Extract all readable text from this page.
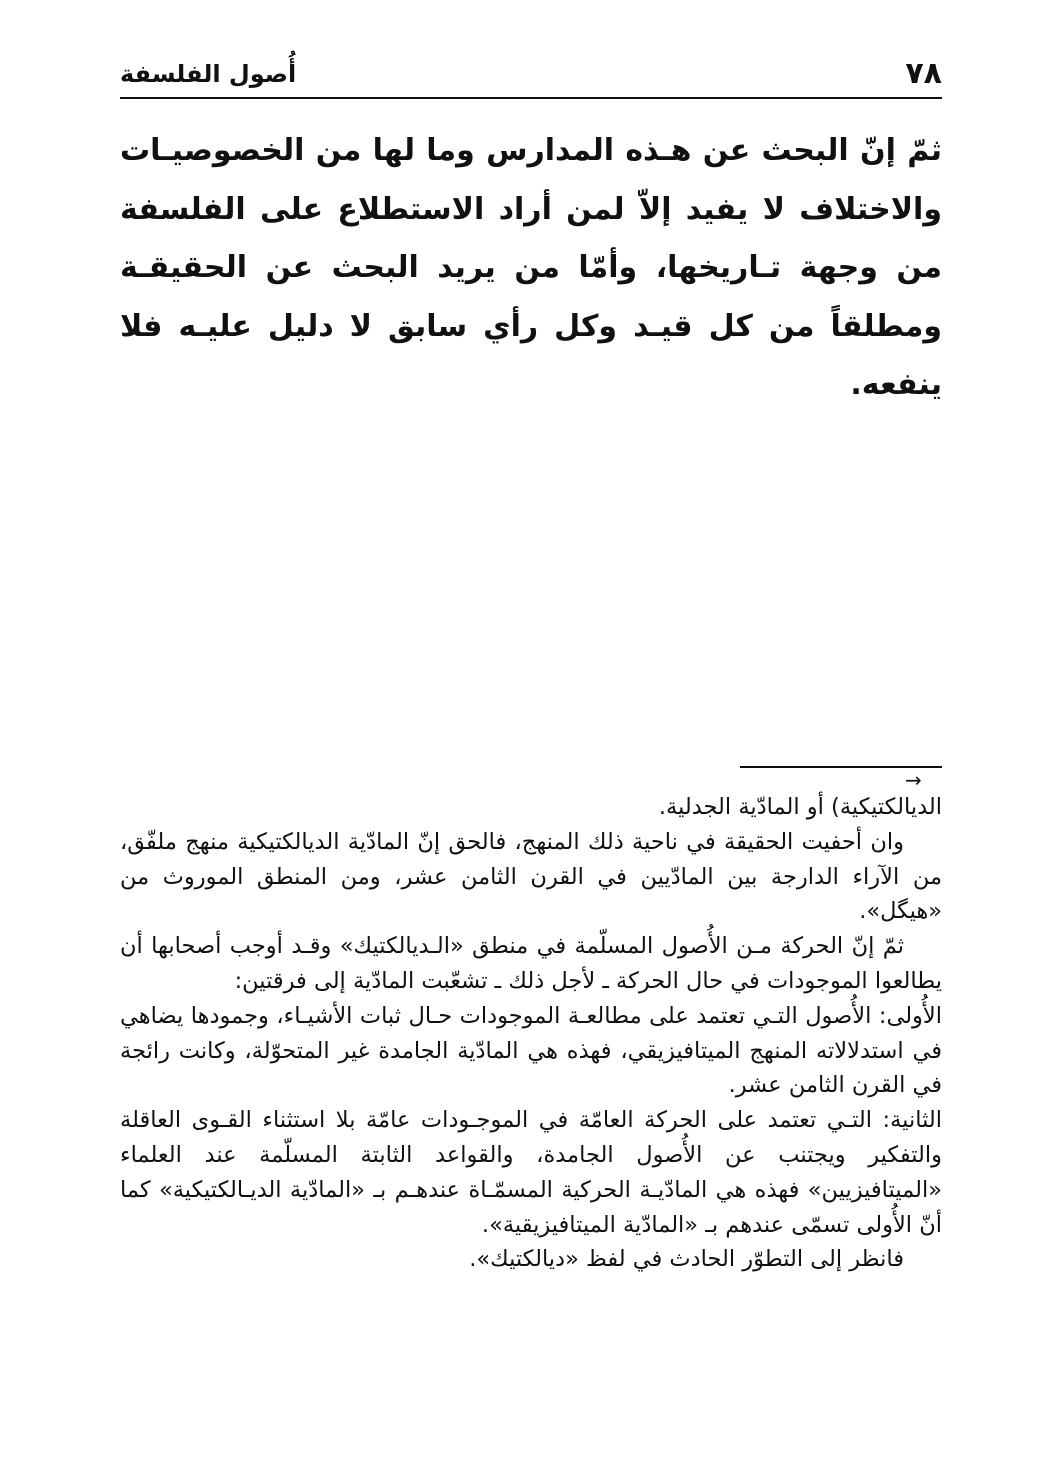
٧٨
أُصول الفلسفة
ثمّ إنّ البحث عن هـذه المدارس وما لها من الخصوصيـات والاختلاف لا يفيد إلاّ لمن أراد الاستطلاع على الفلسفة من وجهة تـاريخها، وأمّا من يريد البحث عن الحقيقـة ومطلقاً من كل قيـد وكل رأي سابق لا دليل عليـه فلا ينفعه.
→

الديالكتيكية) أو المادّية الجدلية.

وان أحفيت الحقيقة في ناحية ذلك المنهج، فالحق إنّ المادّية الديالكتيكية منهج ملفّق، من الآراء الدارجة بين المادّيين في القرن الثامن عشر، ومن المنطق الموروث من «هيگل».

ثمّ إنّ الحركة مـن الأُصول المسلّمة في منطق «الـديالكتيك» وقـد أوجب أصحابها أن يطالعوا الموجودات في حال الحركة ـ لأجل ذلك ـ تشعّبت المادّية إلى فرقتين:

الأُولى: الأُصول التـي تعتمد على مطالعـة الموجودات حـال ثبات الأشيـاء، وجمودها يضاهي في استدلالاته المنهج الميتافيزيقي، فهذه هي المادّية الجامدة غير المتحوّلة، وكانت رائجة في القرن الثامن عشر.

الثانية: التـي تعتمد على الحركة العامّة في الموجـودات عامّة بلا استثناء القـوى العاقلة والتفكير ويجتنب عن الأُصول الجامدة، والقواعد الثابتة المسلّمة عند العلماء «الميتافيزيين» فهذه هي المادّيـة الحركية المسمّـاة عندهـم بـ «المادّية الديـالكتيكية» كما أنّ الأُولى تسمّى عندهم بـ «المادّية الميتافيزيقية».

فانظر إلى التطوّر الحادث في لفظ «ديالكتيك».
